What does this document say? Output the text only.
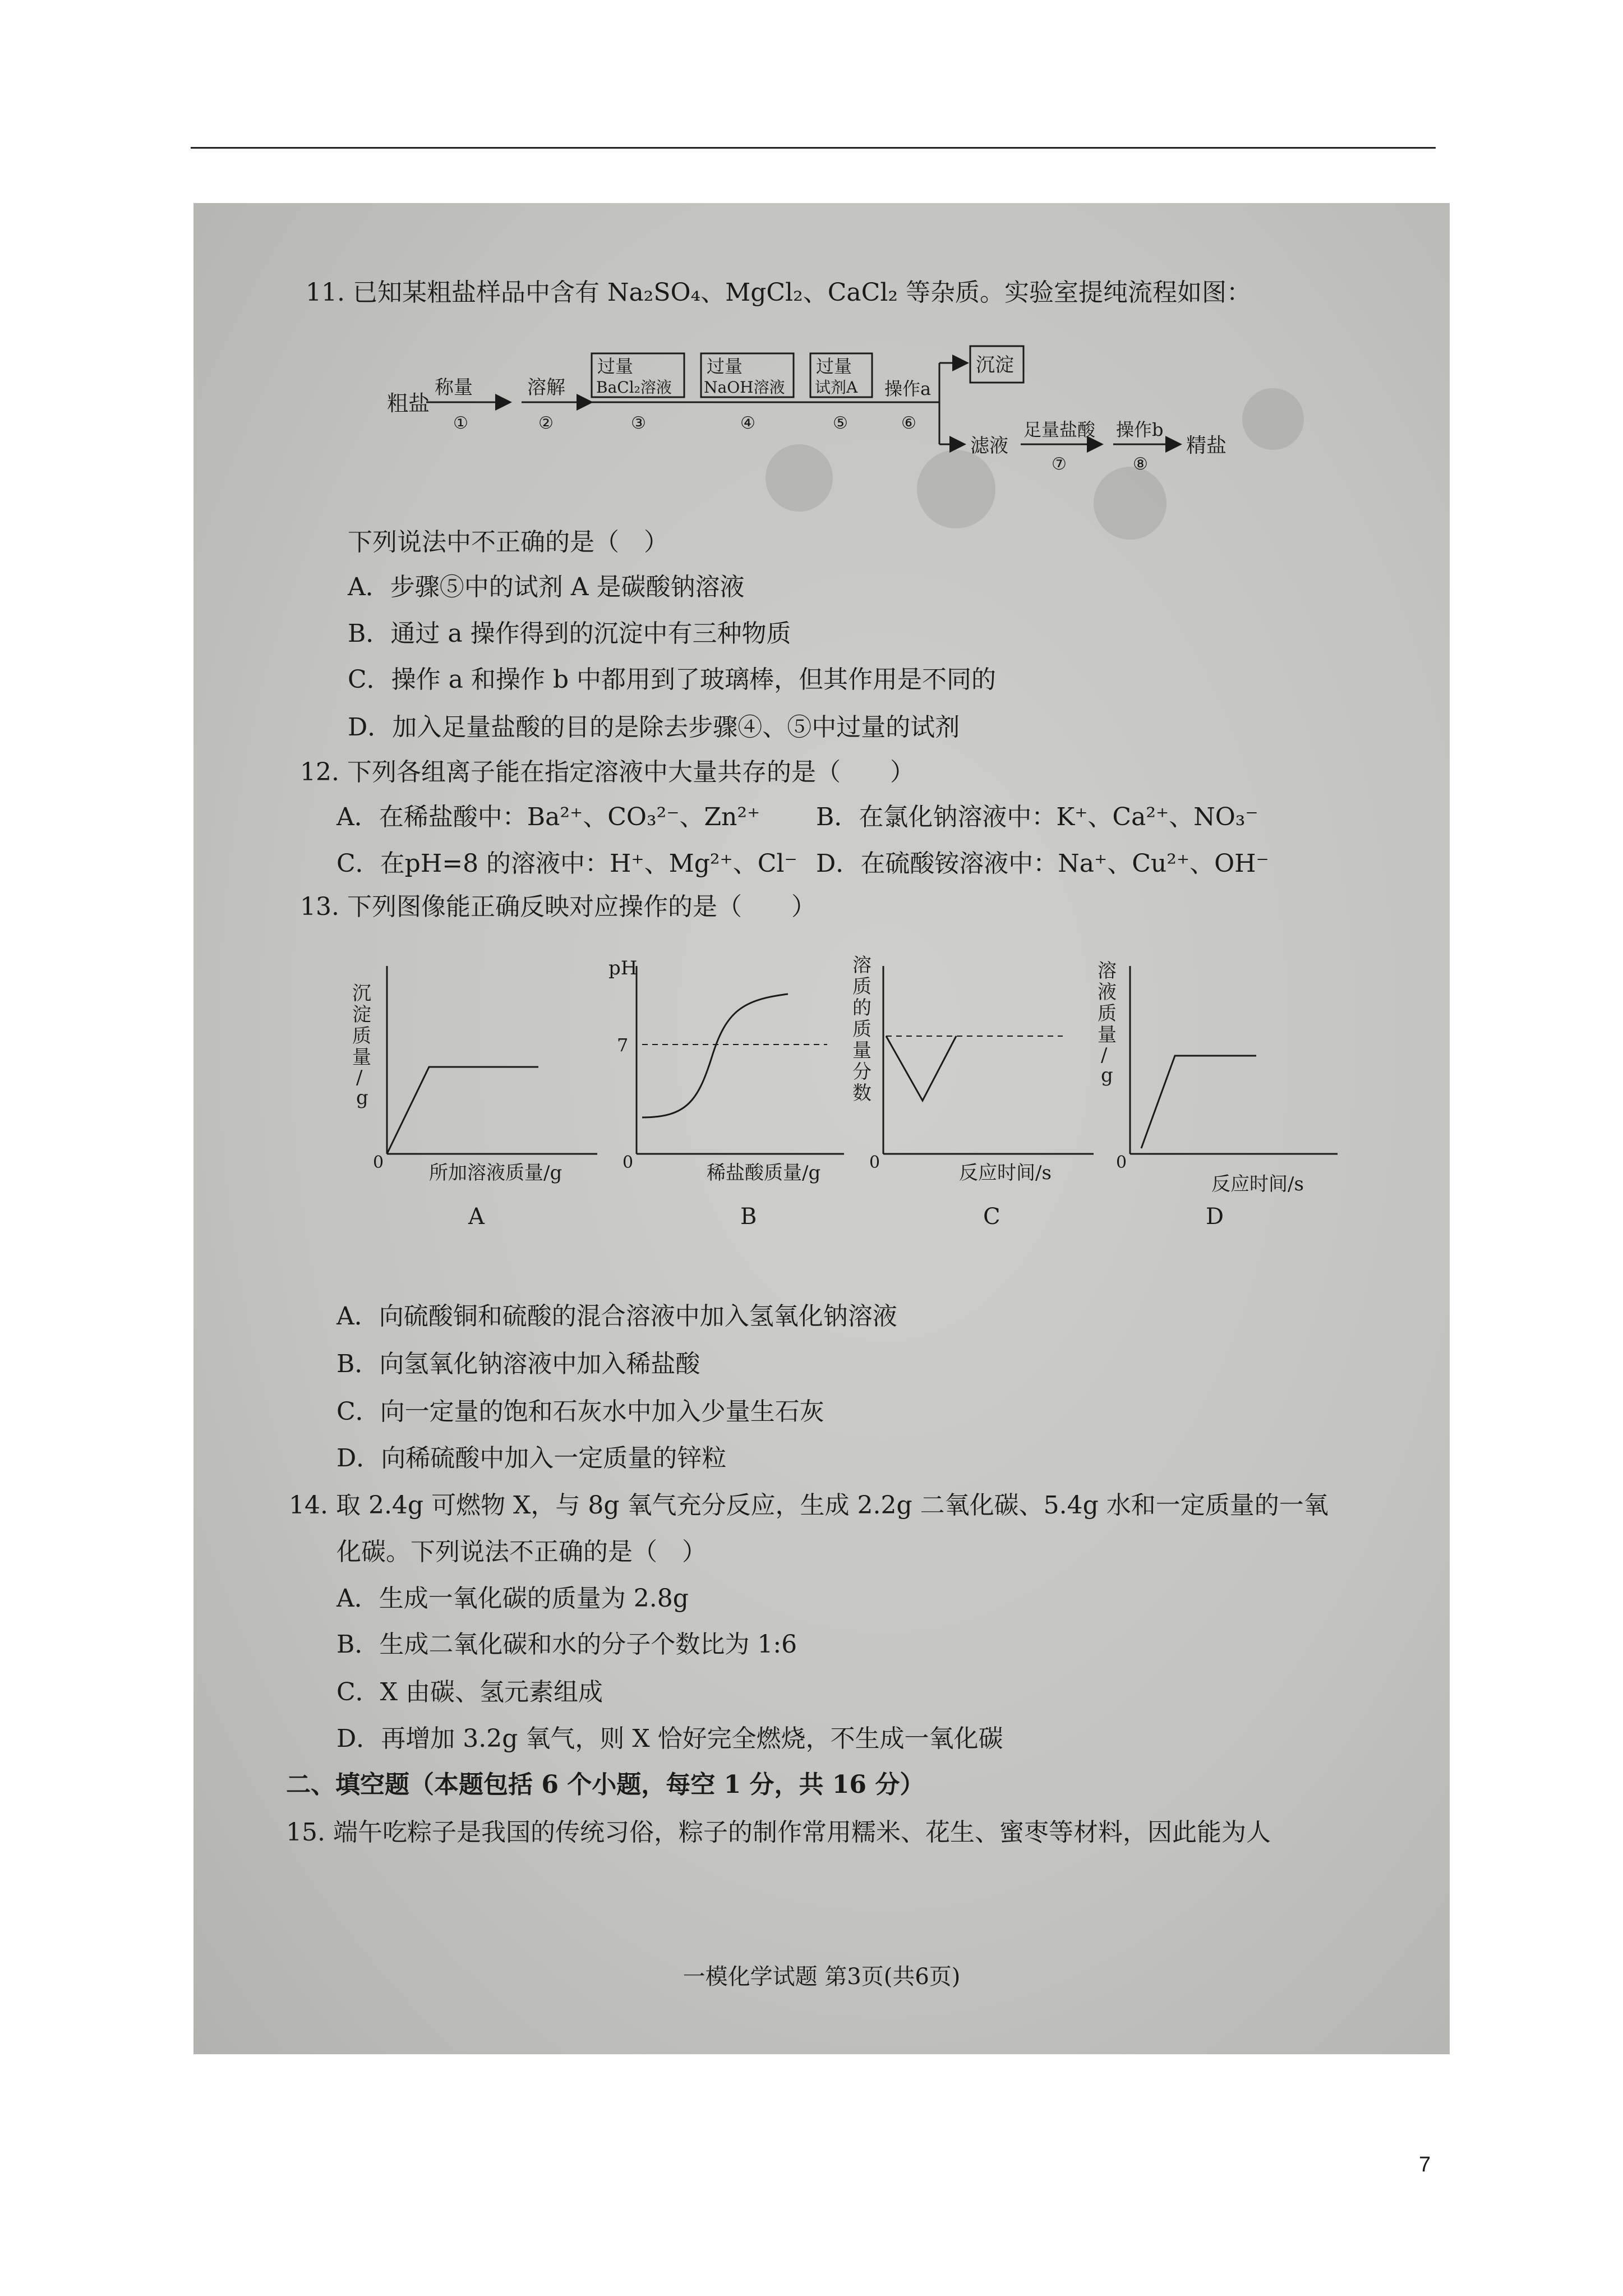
11. 已知某粗盐样品中含有 Na₂SO₄、MgCl₂、CaCl₂ 等杂质。实验室提纯流程如图：
粗盐
称量
①
溶解
②
过量
BaCl₂溶液
③
过量
NaOH溶液
④
过量
试剂A
⑤
操作a
⑥
沉淀
滤液
足量盐酸
⑦
操作b
⑧
精盐
下列说法中不正确的是（　）
A．步骤⑤中的试剂 A 是碳酸钠溶液
B．通过 a 操作得到的沉淀中有三种物质
C．操作 a 和操作 b 中都用到了玻璃棒，但其作用是不同的
D．加入足量盐酸的目的是除去步骤④、⑤中过量的试剂
12. 下列各组离子能在指定溶液中大量共存的是（　　）
A．在稀盐酸中：Ba²⁺、CO₃²⁻、Zn²⁺ B．在氯化钠溶液中：K⁺、Ca²⁺、NO₃⁻
C．在pH=8 的溶液中：H⁺、Mg²⁺、Cl⁻ D．在硫酸铵溶液中：Na⁺、Cu²⁺、OH⁻
13. 下列图像能正确反映对应操作的是（　　）
沉
淀
质
量
/
g
0 所加溶液质量/g
A
pH
7
0	稀盐酸质量/g
B
溶
质
的
质
量
分
数
0	反应时间/s
C
溶
液
质
量
/
g
0
反应时间/s
D
A．向硫酸铜和硫酸的混合溶液中加入氢氧化钠溶液
B．向氢氧化钠溶液中加入稀盐酸
C．向一定量的饱和石灰水中加入少量生石灰
D．向稀硫酸中加入一定质量的锌粒
14. 取 2.4g 可燃物 X，与 8g 氧气充分反应，生成 2.2g 二氧化碳、5.4g 水和一定质量的一氧
化碳。下列说法不正确的是（　）
A．生成一氧化碳的质量为 2.8g
B．生成二氧化碳和水的分子个数比为 1:6
C．X 由碳、氢元素组成
D．再增加 3.2g 氧气，则 X 恰好完全燃烧，不生成一氧化碳
二、填空题（本题包括 6 个小题，每空 1 分，共 16 分）
15. 端午吃粽子是我国的传统习俗，粽子的制作常用糯米、花生、蜜枣等材料，因此能为人
一模化学试题 第3页(共6页)
7
